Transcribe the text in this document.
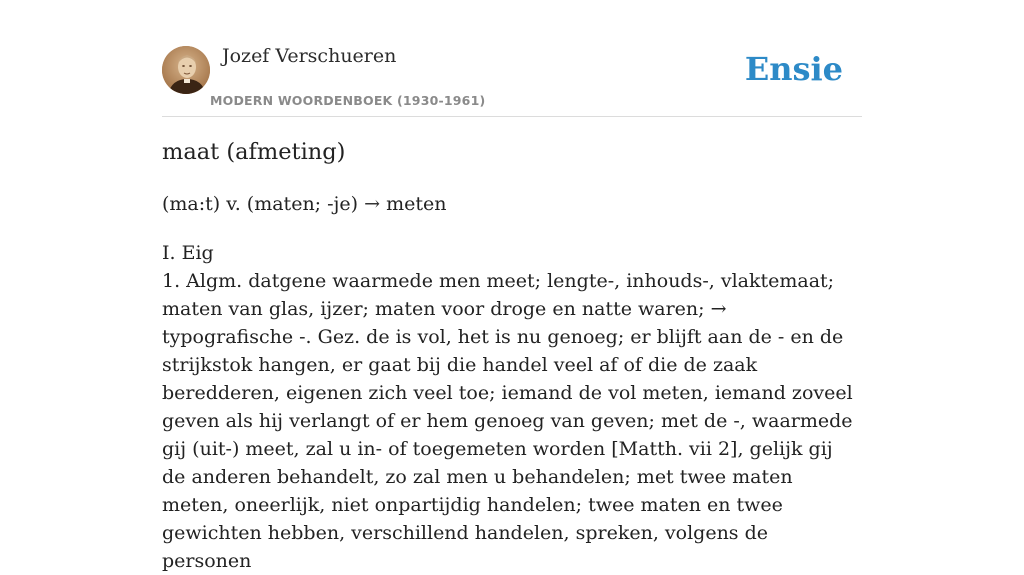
Jozef Verschueren
MODERN WOORDENBOEK (1930-1961)
Ensie
maat (afmeting)
(ma:t) v. (maten; -je) → meten

I. Eig

1. Algm. datgene waarmede men meet; lengte-, inhouds-, vlaktemaat; maten van glas, ijzer; maten voor droge en natte waren; → typografische -. Gez. de is vol, het is nu genoeg; er blijft aan de - en de strijkstok hangen, er gaat bij die handel veel af of die de zaak beredderen, eigenen zich veel toe; iemand de vol meten, iemand zoveel geven als hij verlangt of er hem genoeg van geven; met de -, waarmede gij (uit-) meet, zal u in- of toegemeten worden [Matth. vii 2], gelijk gij de anderen behandelt, zo zal men u behandelen; met twee maten meten, oneerlijk, niet onpartijdig handelen; twee maten en twee gewichten hebben, verschillend handelen, spreken, volgens de personen
